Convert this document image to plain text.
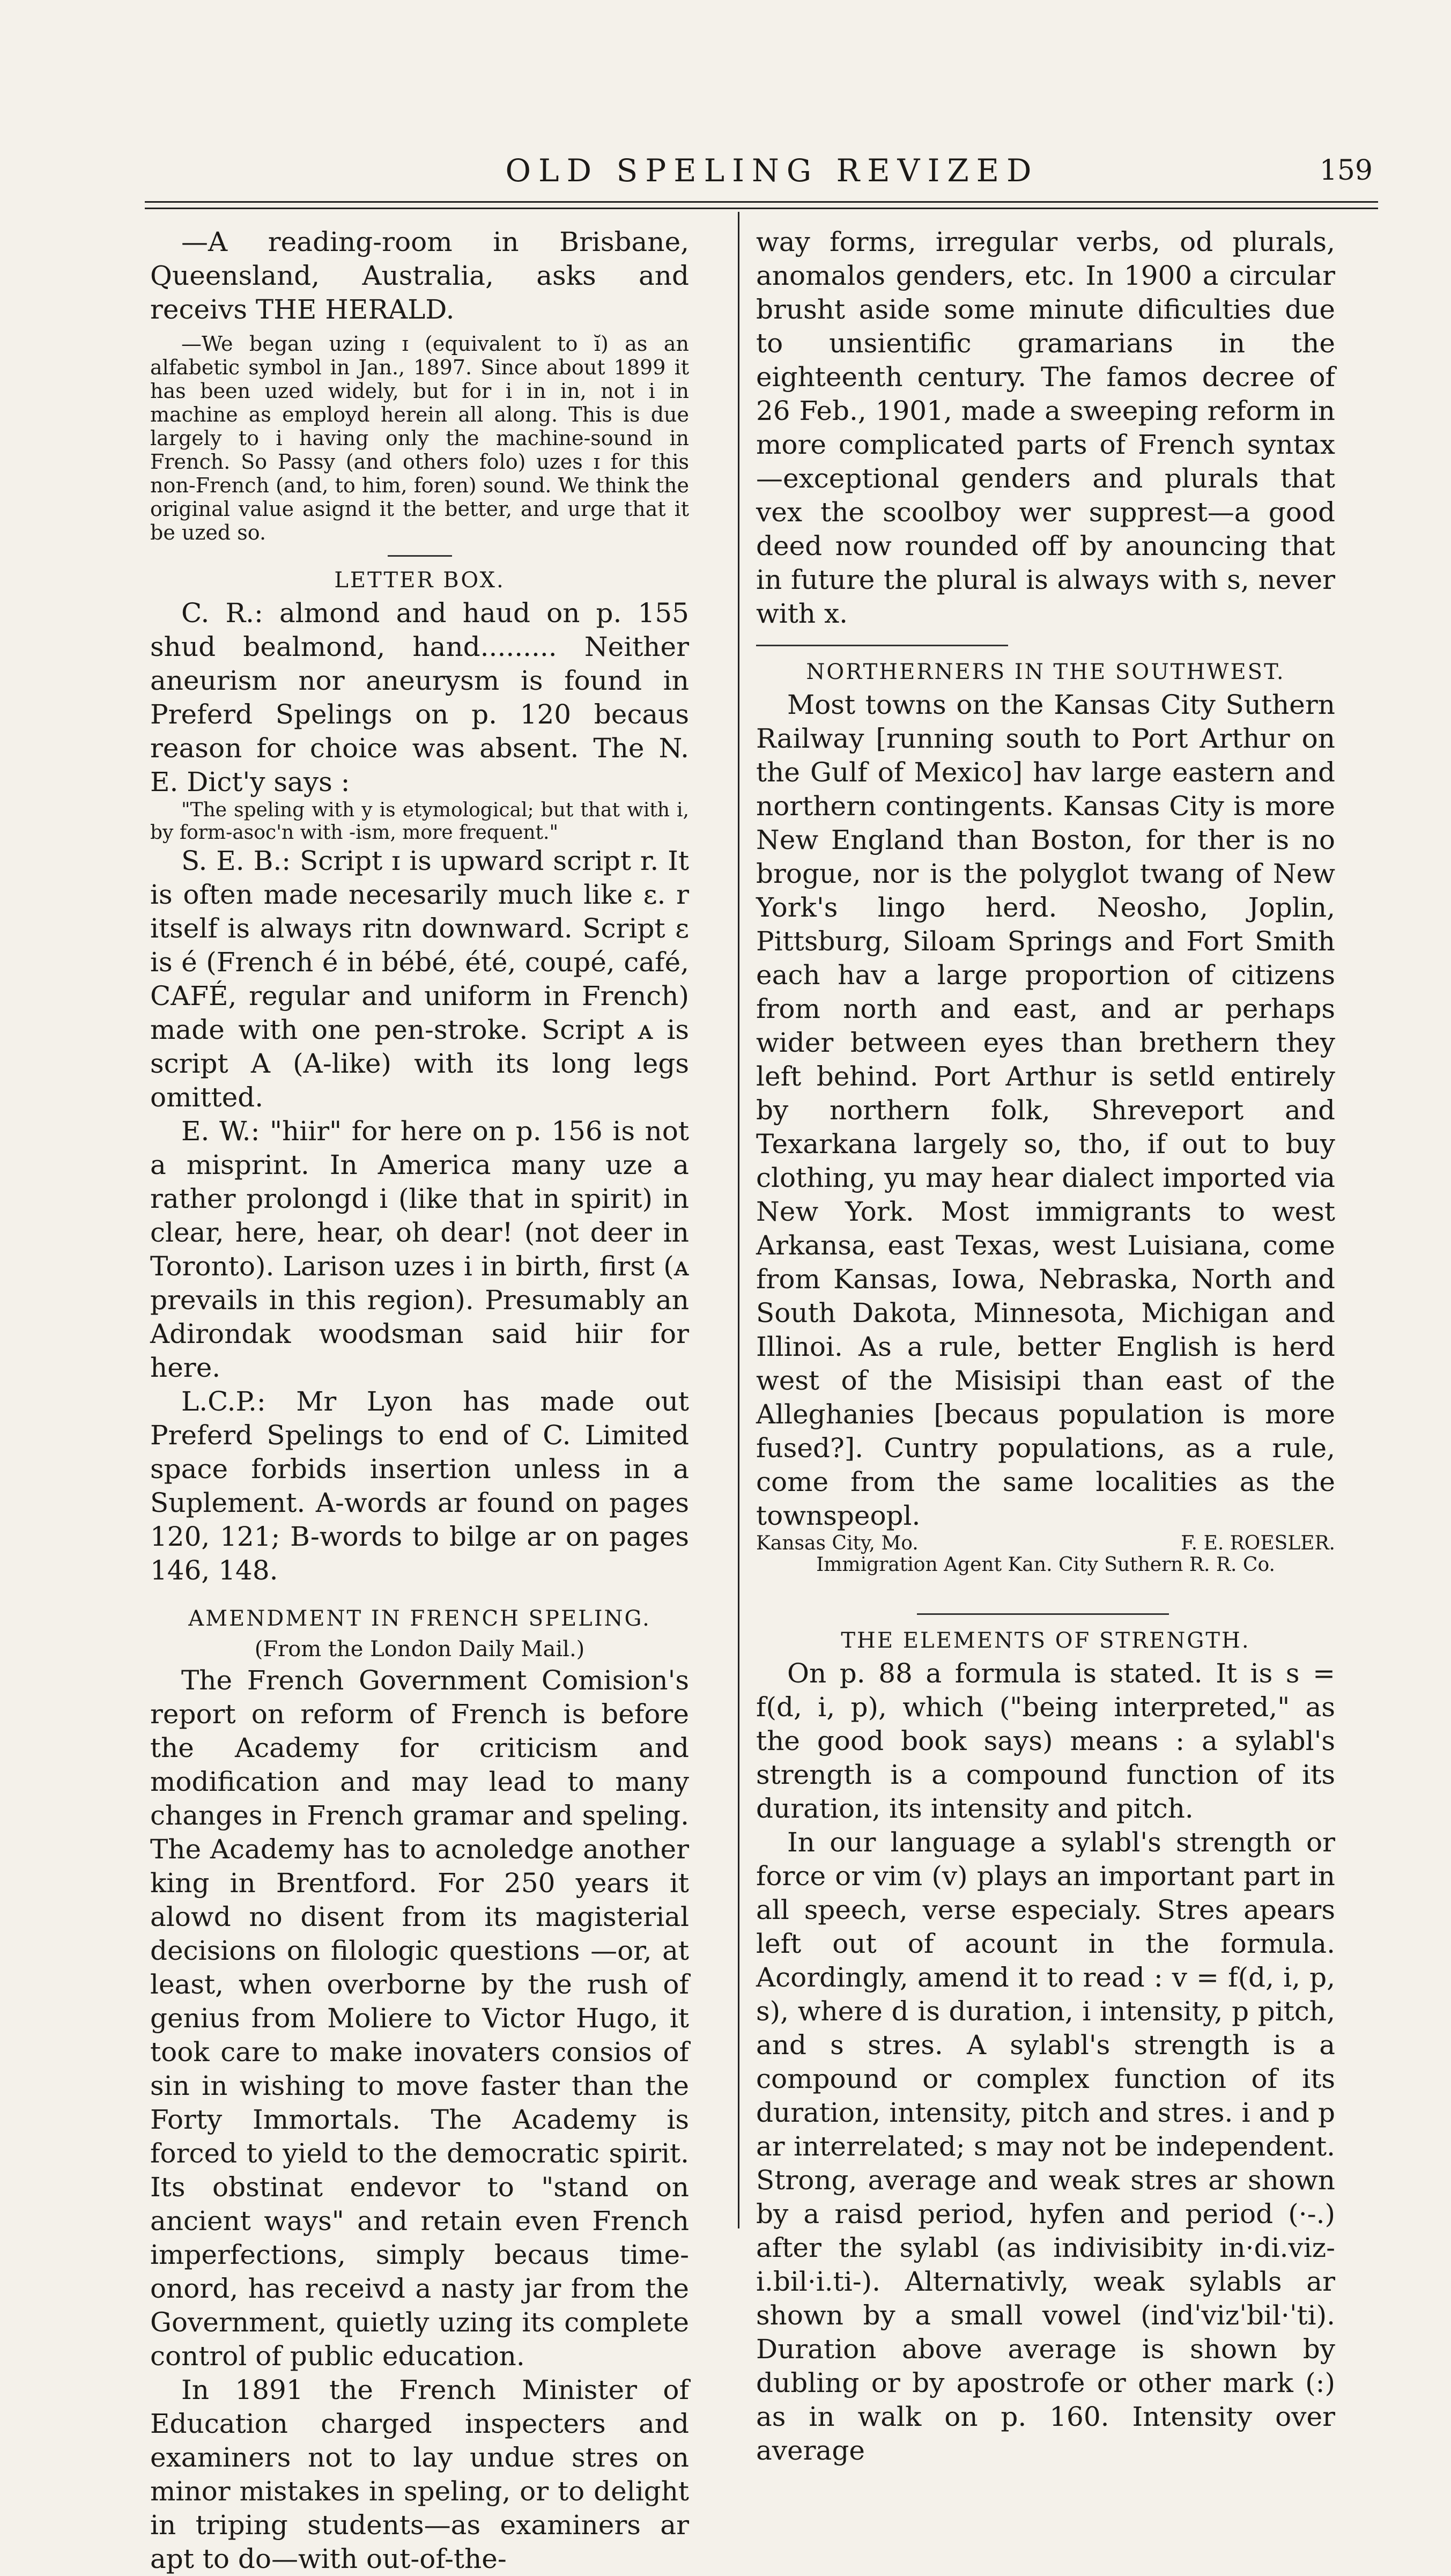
OLD SPELING REVIZED	159

—A reading-room in Brisbane, Queensland, Australia, asks and receivs THE HERALD.

—We began uzing ɪ (equivalent to ĭ) as an alfabetic symbol in Jan., 1897. Since about 1899 it has been uzed widely, but for i in in, not i in machine as employd herein all along. This is due largely to i having only the machine-sound in French. So Passy (and others folo) uzes ɪ for this non-French (and, to him, foren) sound. We think the original value asignd it the better, and urge that it be uzed so.

LETTER BOX.

C. R.: almond and haud on p. 155 shud bealmond, hand......... Neither aneurism nor aneurysm is found in Preferd Spelings on p. 120 becaus reason for choice was absent. The N. E. Dict'y says :

"The speling with y is etymological; but that with i, by form-asoc'n with -ism, more frequent."

S. E. B.: Script ɪ is upward script r. It is often made necesarily much like ɛ. r itself is always ritn downward. Script ɛ is é (French é in bébé, été, coupé, café, CAFÉ, regular and uniform in French) made with one pen-stroke. Script ᴀ is script A (A-like) with its long legs omitted.

E. W.: "hiir" for here on p. 156 is not a misprint. In America many uze a rather prolongd i (like that in spirit) in clear, here, hear, oh dear! (not deer in Toronto). Larison uzes i in birth, first (ᴀ prevails in this region). Presumably an Adirondak woodsman said hiir for here.

L.C.P.: Mr Lyon has made out Preferd Spelings to end of C. Limited space forbids insertion unless in a Suplement. A-words ar found on pages 120, 121; B-words to bilge ar on pages 146, 148.

AMENDMENT IN FRENCH SPELING.
(From the London Daily Mail.)

The French Government Comision's report on reform of French is before the Academy for criticism and modification and may lead to many changes in French gramar and speling. The Academy has to acnoledge another king in Brentford. For 250 years it alowd no disent from its magisterial decisions on filologic questions —or, at least, when overborne by the rush of genius from Moliere to Victor Hugo, it took care to make inovaters consios of sin in wishing to move faster than the Forty Immortals. The Academy is forced to yield to the democratic spirit. Its obstinat endevor to "stand on ancient ways" and retain even French imperfections, simply becaus time-onord, has receivd a nasty jar from the Government, quietly uzing its complete control of public education.

In 1891 the French Minister of Education charged inspecters and examiners not to lay undue stres on minor mistakes in speling, or to delight in triping students—as examiners ar apt to do—with out-of-the-

way forms, irregular verbs, od plurals, anomalos genders, etc. In 1900 a circular brusht aside some minute dificulties due to unsientific gramarians in the eighteenth century. The famos decree of 26 Feb., 1901, made a sweeping reform in more complicated parts of French syntax—exceptional genders and plurals that vex the scoolboy wer supprest—a good deed now rounded off by anouncing that in future the plural is always with s, never with x.

NORTHERNERS IN THE SOUTHWEST.

Most towns on the Kansas City Suthern Railway [running south to Port Arthur on the Gulf of Mexico] hav large eastern and northern contingents. Kansas City is more New England than Boston, for ther is no brogue, nor is the polyglot twang of New York's lingo herd. Neosho, Joplin, Pittsburg, Siloam Springs and Fort Smith each hav a large proportion of citizens from north and east, and ar perhaps wider between eyes than brethern they left behind. Port Arthur is setld entirely by northern folk, Shreveport and Texarkana largely so, tho, if out to buy clothing, yu may hear dialect imported via New York. Most immigrants to west Arkansa, east Texas, west Luisiana, come from Kansas, Iowa, Nebraska, North and South Dakota, Minnesota, Michigan and Illinoi. As a rule, better English is herd west of the Misisipi than east of the Alleghanies [becaus population is more fused?]. Cuntry populations, as a rule, come from the same localities as the townspeopl.

Kansas City, Mo.	F. E. ROESLER.
Immigration Agent Kan. City Suthern R. R. Co.
THE ELEMENTS OF STRENGTH.

On p. 88 a formula is stated. It is s = f(d, i, p), which ("being interpreted," as the good book says) means : a sylabl's strength is a compound function of its duration, its intensity and pitch.

In our language a sylabl's strength or force or vim (v) plays an important part in all speech, verse especialy. Stres apears left out of acount in the formula. Acordingly, amend it to read : v = f(d, i, p, s), where d is duration, i intensity, p pitch, and s stres. A sylabl's strength is a compound or complex function of its duration, intensity, pitch and stres. i and p ar interrelated; s may not be independent. Strong, average and weak stres ar shown by a raisd period, hyfen and period (·-.) after the sylabl (as indivisibity in·di.viz-i.bil·i.ti-). Alternativly, weak sylabls ar shown by a small vowel (indˈvizˈbil·ˈti). Duration above average is shown by dubling or by apostrofe or other mark (:) as in walk on p. 160. Intensity over average
